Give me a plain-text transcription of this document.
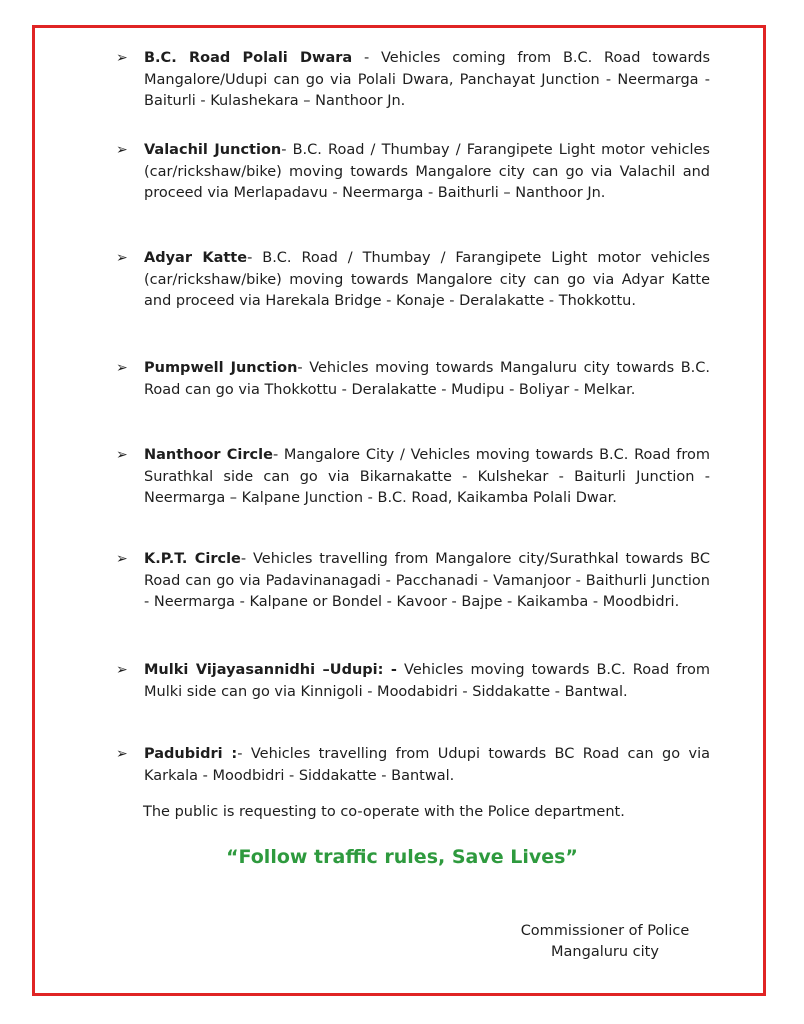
➢ B.C. Road Polali Dwara - Vehicles coming from B.C. Road towards Mangalore/Udupi can go via Polali Dwara, Panchayat Junction - Neermarga - Baiturli - Kulashekara – Nanthoor Jn.
➢ Valachil Junction- B.C. Road / Thumbay / Farangipete Light motor vehicles (car/rickshaw/bike) moving towards Mangalore city can go via Valachil and proceed via Merlapadavu - Neermarga - Baithurli – Nanthoor Jn.
➢ Adyar Katte- B.C. Road / Thumbay / Farangipete Light motor vehicles (car/rickshaw/bike) moving towards Mangalore city can go via Adyar Katte and proceed via Harekala Bridge - Konaje - Deralakatte - Thokkottu.
➢ Pumpwell Junction- Vehicles moving towards Mangaluru city towards B.C. Road can go via Thokkottu - Deralakatte - Mudipu - Boliyar - Melkar.
➢ Nanthoor Circle- Mangalore City / Vehicles moving towards B.C. Road from Surathkal side can go via Bikarnakatte - Kulshekar - Baiturli Junction - Neermarga – Kalpane Junction - B.C. Road, Kaikamba Polali Dwar.
➢ K.P.T. Circle- Vehicles travelling from Mangalore city/Surathkal towards BC Road can go via Padavinanagadi - Pacchanadi - Vamanjoor - Baithurli Junction - Neermarga - Kalpane or Bondel - Kavoor - Bajpe - Kaikamba - Moodbidri.
➢ Mulki Vijayasannidhi –Udupi: - Vehicles moving towards B.C. Road from Mulki side can go via Kinnigoli - Moodabidri - Siddakatte - Bantwal.
➢ Padubidri :- Vehicles travelling from Udupi towards BC Road can go via Karkala - Moodbidri - Siddakatte - Bantwal.
The public is requesting to co-operate with the Police department.
“Follow traffic rules, Save Lives”
Commissioner of Police
Mangaluru city
